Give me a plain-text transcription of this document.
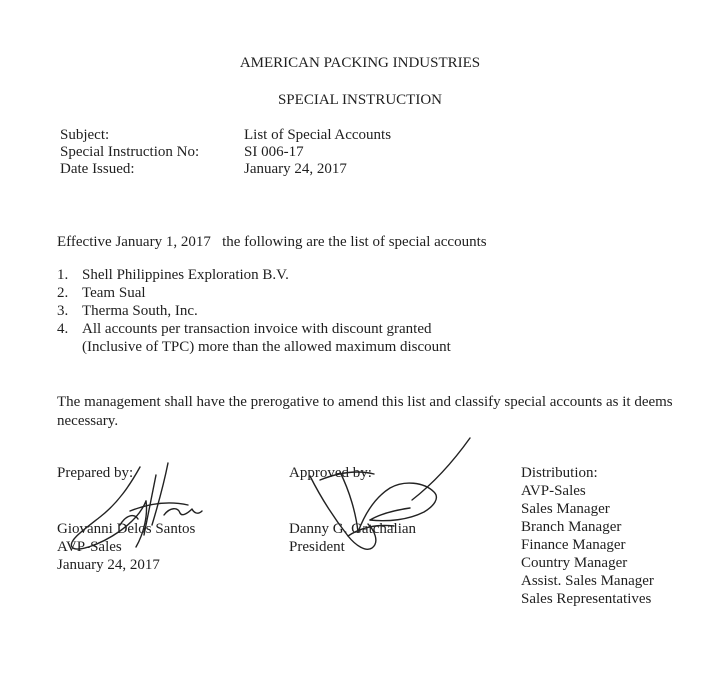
AMERICAN PACKING INDUSTRIES
SPECIAL INSTRUCTION
Subject:	List of Special Accounts
Special Instruction No:	SI 006-17
Date Issued:	January 24, 2017
Effective January 1, 2017   the following are the list of special accounts
1. Shell Philippines Exploration B.V.
2. Team Sual
3. Therma South, Inc.
4. All accounts per transaction invoice with discount granted
(Inclusive of TPC) more than the allowed maximum discount
The management shall have the prerogative to amend this list and classify special accounts as it deems necessary.
Prepared by:
Giovanni Delos Santos
AVP-Sales
January 24, 2017
Approved by:
Danny G. Gatchalian
President
Distribution:
AVP-Sales
Sales Manager
Branch Manager
Finance Manager
Country Manager
Assist. Sales Manager
Sales Representatives
